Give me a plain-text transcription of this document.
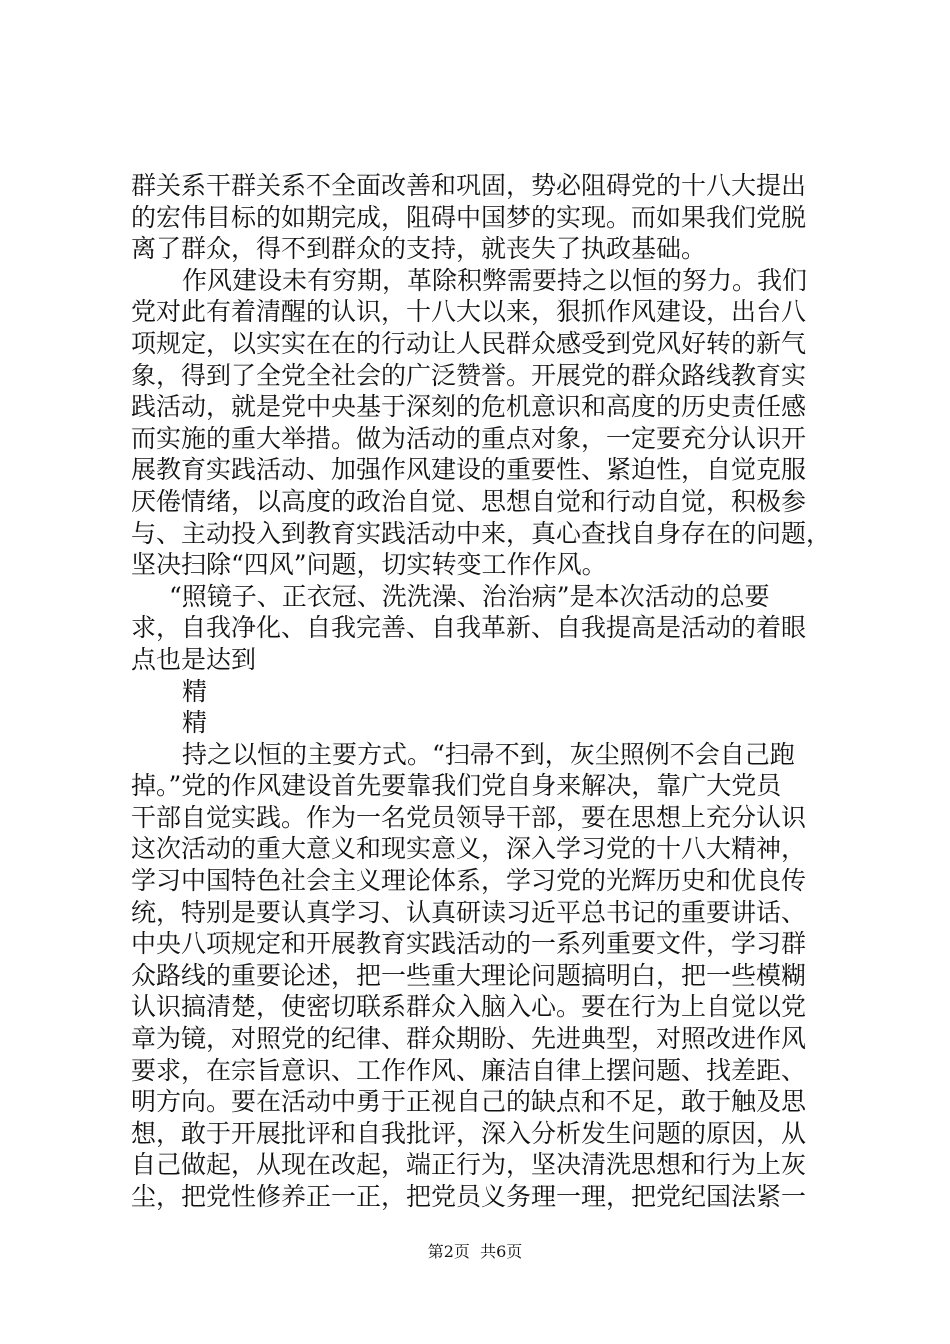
群关系干群关系不全面改善和巩固，势必阻碍党的十八大提出
的宏伟目标的如期完成，阻碍中国梦的实现。而如果我们党脱
离了群众，得不到群众的支持，就丧失了执政基础。
作风建设未有穷期，革除积弊需要持之以恒的努力。我们
党对此有着清醒的认识，十八大以来，狠抓作风建设，出台八
项规定，以实实在在的行动让人民群众感受到党风好转的新气
象，得到了全党全社会的广泛赞誉。开展党的群众路线教育实
践活动，就是党中央基于深刻的危机意识和高度的历史责任感
而实施的重大举措。做为活动的重点对象，一定要充分认识开
展教育实践活动、加强作风建设的重要性、紧迫性，自觉克服
厌倦情绪，以高度的政治自觉、思想自觉和行动自觉，积极参
与、主动投入到教育实践活动中来，真心查找自身存在的问题，
坚决扫除“四风”问题，切实转变工作作风。
“照镜子、正衣冠、洗洗澡、治治病”是本次活动的总要
求，自我净化、自我完善、自我革新、自我提高是活动的着眼
点也是达到
精
精
持之以恒的主要方式。“扫帚不到，灰尘照例不会自己跑
掉。”党的作风建设首先要靠我们党自身来解决，靠广大党员
干部自觉实践。作为一名党员领导干部，要在思想上充分认识
这次活动的重大意义和现实意义，深入学习党的十八大精神，
学习中国特色社会主义理论体系，学习党的光辉历史和优良传
统，特别是要认真学习、认真研读习近平总书记的重要讲话、
中央八项规定和开展教育实践活动的一系列重要文件，学习群
众路线的重要论述，把一些重大理论问题搞明白，把一些模糊
认识搞清楚，使密切联系群众入脑入心。要在行为上自觉以党
章为镜，对照党的纪律、群众期盼、先进典型，对照改进作风
要求，在宗旨意识、工作作风、廉洁自律上摆问题、找差距、
明方向。要在活动中勇于正视自己的缺点和不足，敢于触及思
想，敢于开展批评和自我批评，深入分析发生问题的原因，从
自己做起，从现在改起，端正行为，坚决清洗思想和行为上灰
尘，把党性修养正一正，把党员义务理一理，把党纪国法紧一
第2页 共6页
